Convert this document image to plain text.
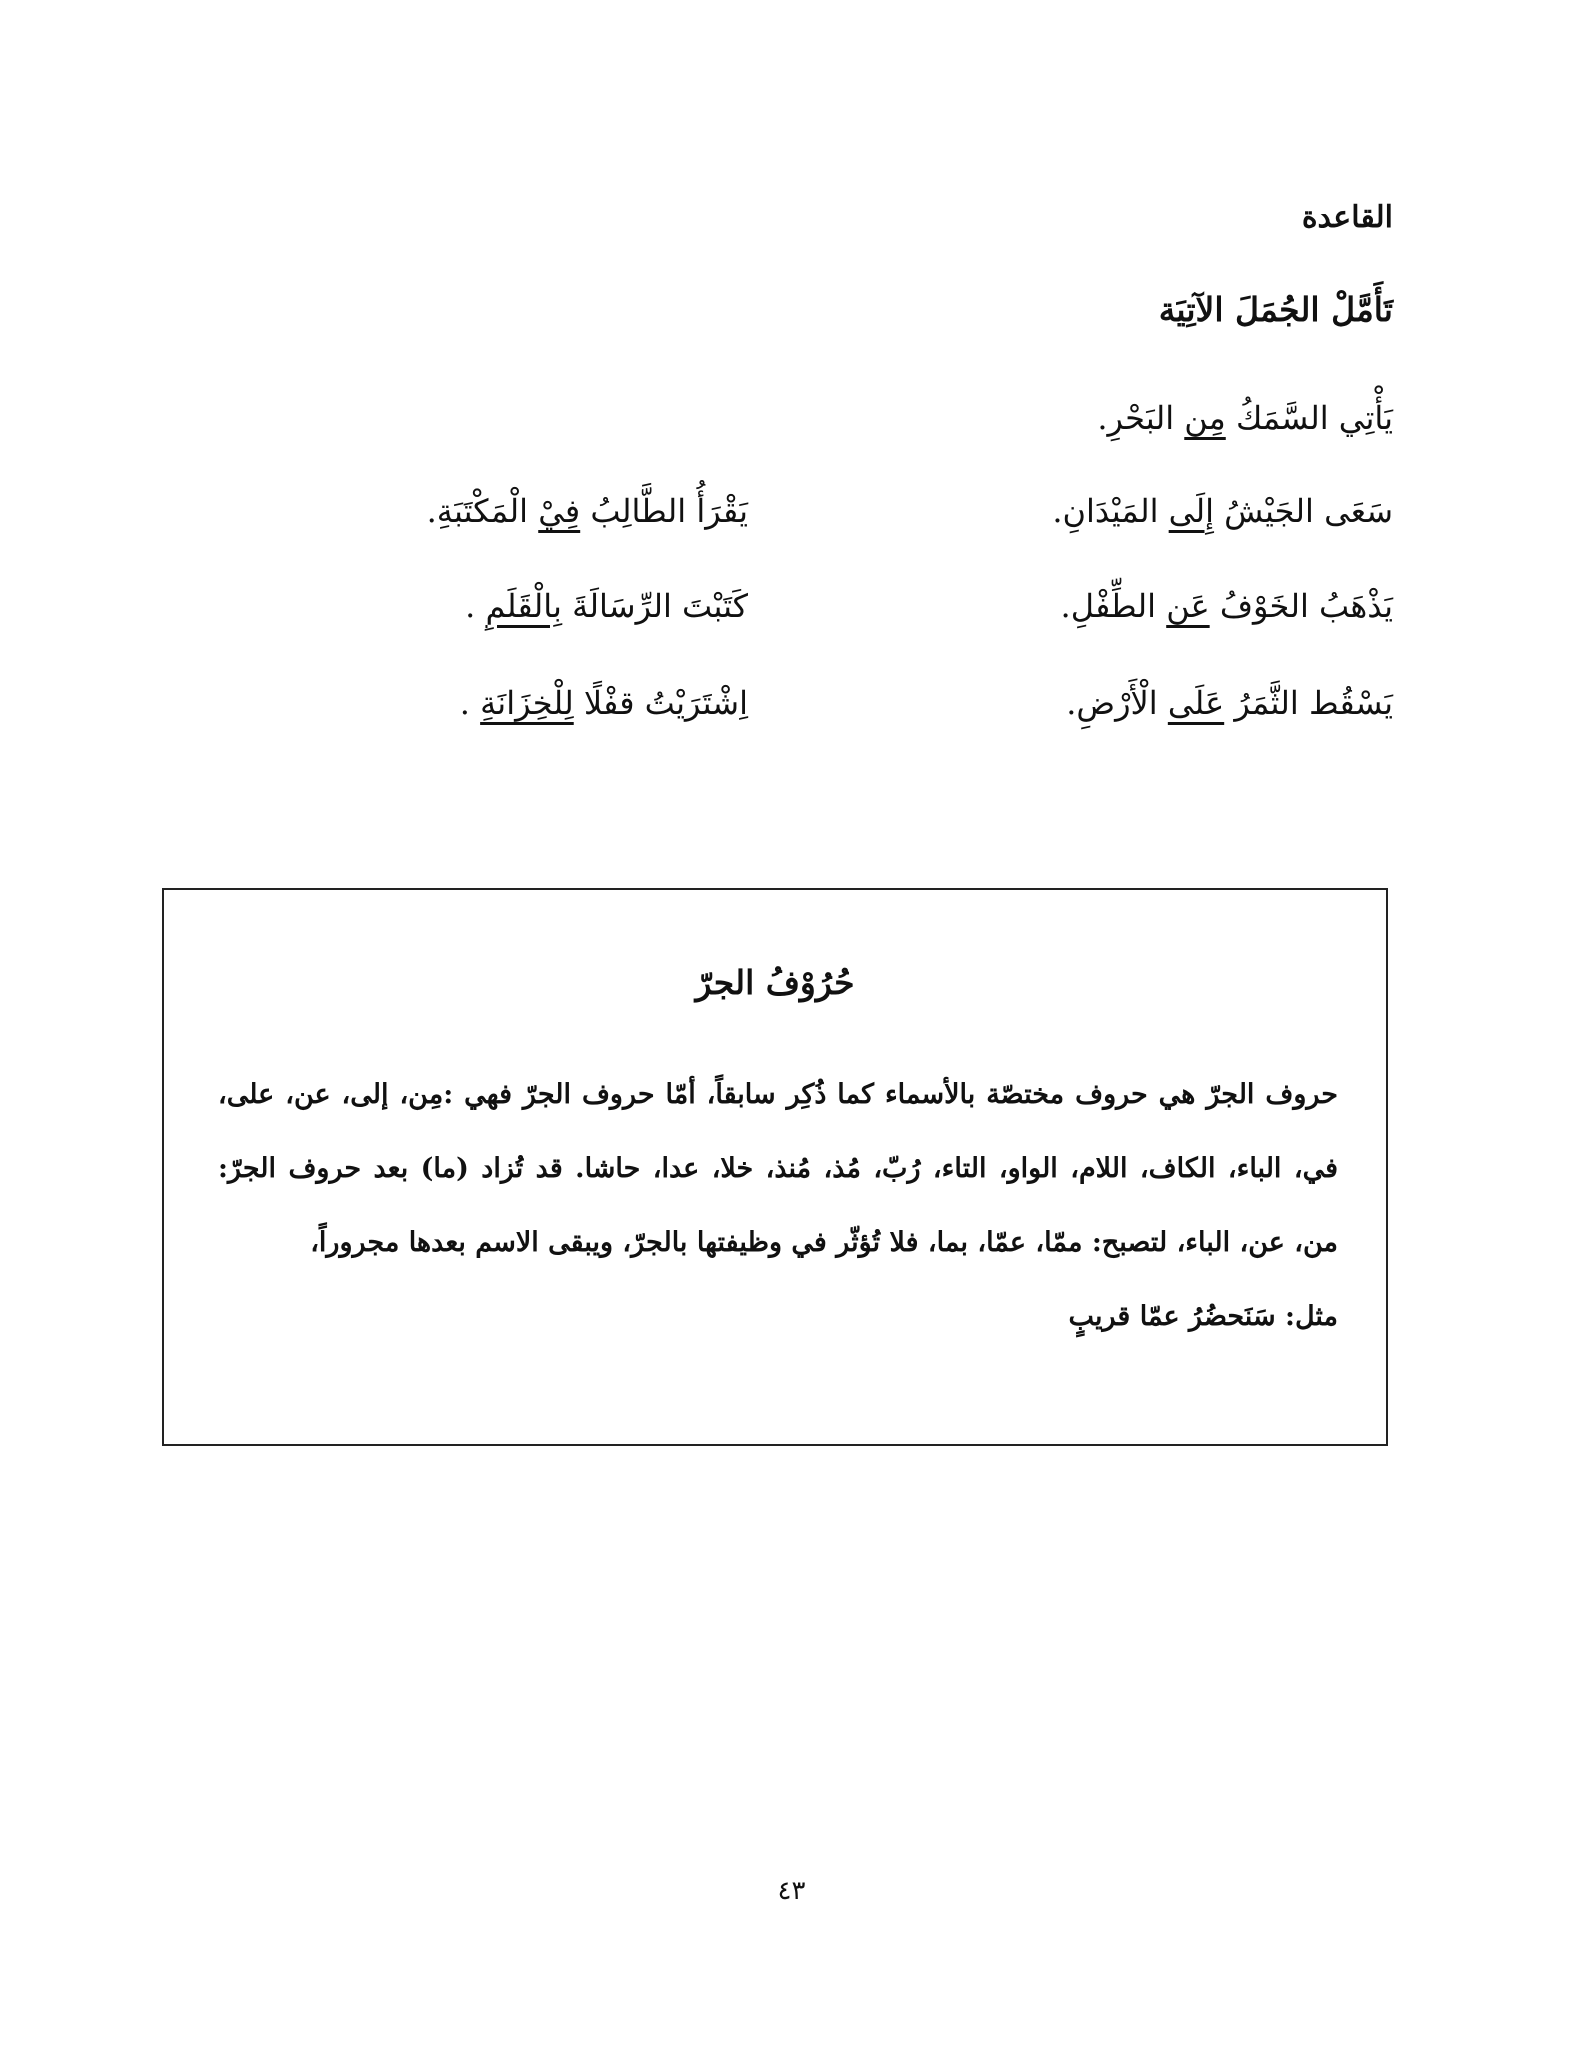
القاعدة
تَأَمَّلْ الجُمَلَ الآتِيَة
يَأْتِي السَّمَكُ مِن البَحْرِ.
سَعَى الجَيْشُ إِلَى المَيْدَانِ.
يَقْرَأُ الطَّالِبُ فِيْ الْمَكْتَبَةِ.
يَذْهَبُ الخَوْفُ عَن الطِّفْلِ.
كَتَبْتَ الرِّسَالَةَ بِالْقَلَمِ .
يَسْقُط الثَّمَرُ عَلَى الْأَرْضِ.
اِشْتَرَيْتُ قفْلًا لِلْخِزَانَةِ .
حُرُوْفُ الجرّ
حروف الجرّ هي حروف مختصّة بالأسماء كما ذُكِر سابقاً، أمّا حروف الجرّ فهي :مِن، إلى، عن، على، في، الباء، الكاف، اللام، الواو، التاء، رُبّ، مُذ، مُنذ، خلا، عدا، حاشا. قد تُزاد (ما) بعد حروف الجرّ: من، عن، الباء، لتصبح: ممّا، عمّا، بما، فلا تُؤثّر في وظيفتها بالجرّ، ويبقى الاسم بعدها مجروراً،
مثل: سَنَحضُرُ عمّا قريبٍ
٤٣
